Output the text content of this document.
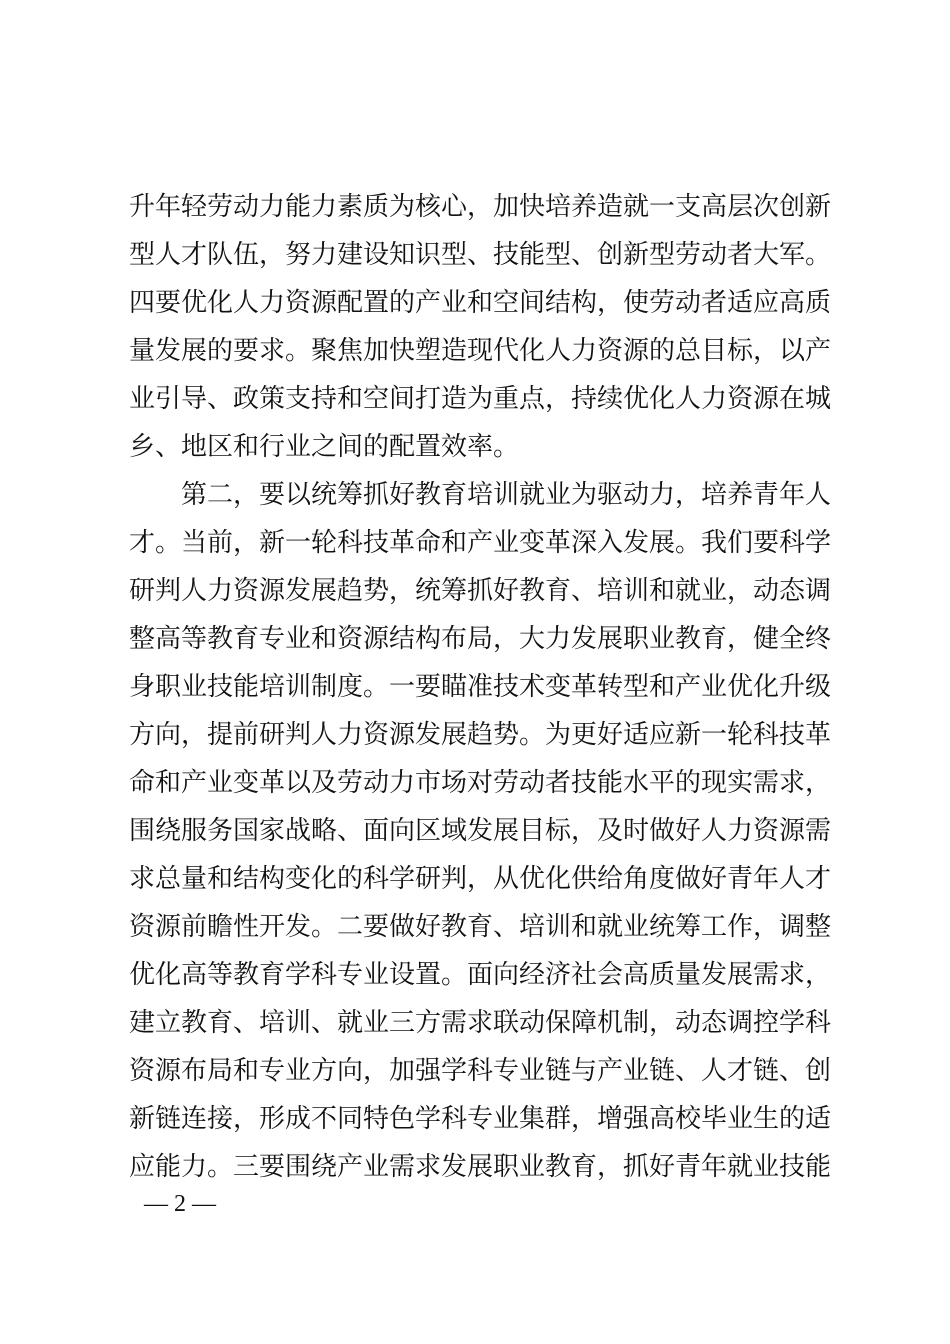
升年轻劳动力能力素质为核心，加快培养造就一支高层次创新
型人才队伍，努力建设知识型、技能型、创新型劳动者大军。
四要优化人力资源配置的产业和空间结构，使劳动者适应高质
量发展的要求。聚焦加快塑造现代化人力资源的总目标，以产
业引导、政策支持和空间打造为重点，持续优化人力资源在城
乡、地区和行业之间的配置效率。
第二，要以统筹抓好教育培训就业为驱动力，培养青年人
才。当前，新一轮科技革命和产业变革深入发展。我们要科学
研判人力资源发展趋势，统筹抓好教育、培训和就业，动态调
整高等教育专业和资源结构布局，大力发展职业教育，健全终
身职业技能培训制度。一要瞄准技术变革转型和产业优化升级
方向，提前研判人力资源发展趋势。为更好适应新一轮科技革
命和产业变革以及劳动力市场对劳动者技能水平的现实需求，
围绕服务国家战略、面向区域发展目标，及时做好人力资源需
求总量和结构变化的科学研判，从优化供给角度做好青年人才
资源前瞻性开发。二要做好教育、培训和就业统筹工作，调整
优化高等教育学科专业设置。面向经济社会高质量发展需求，
建立教育、培训、就业三方需求联动保障机制，动态调控学科
资源布局和专业方向，加强学科专业链与产业链、人才链、创
新链连接，形成不同特色学科专业集群，增强高校毕业生的适
应能力。三要围绕产业需求发展职业教育，抓好青年就业技能
— 2 —
